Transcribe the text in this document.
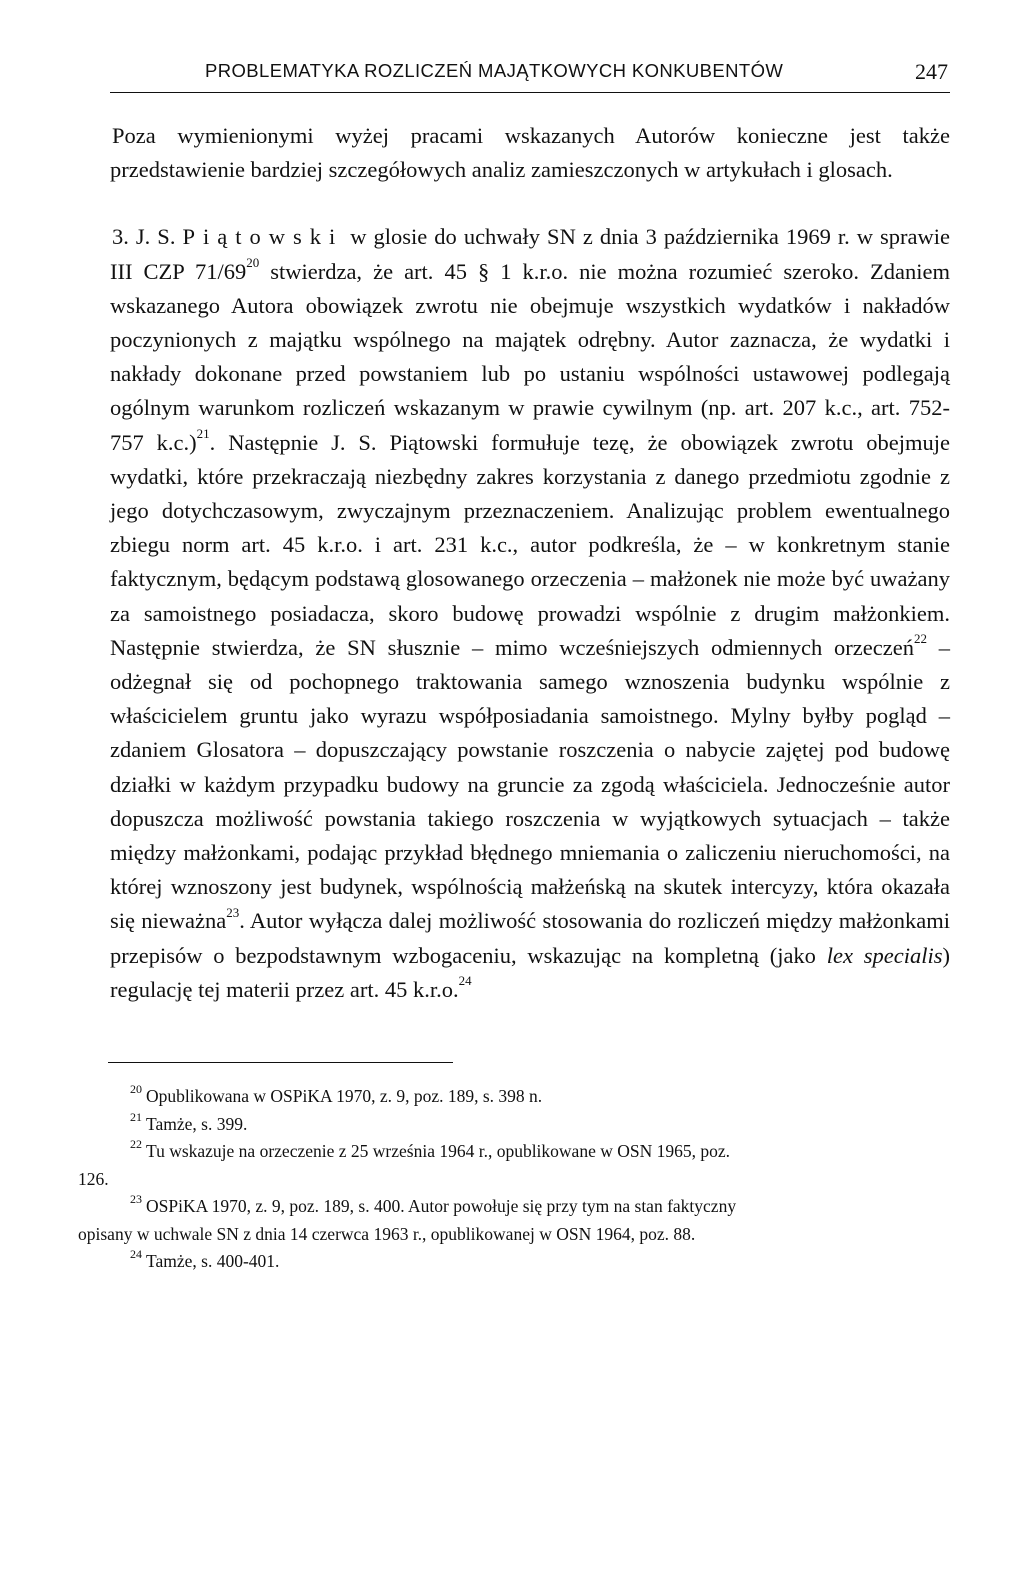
PROBLEMATYKA ROZLICZEŃ MAJĄTKOWYCH KONKUBENTÓW	247

Poza wymienionymi wyżej pracami wskazanych Autorów konieczne jest także przedstawienie bardziej szczegółowych analiz zamieszczonych w artykułach i glosach.

3. J. S. Piątowski w glosie do uchwały SN z dnia 3 października 1969 r. w sprawie III CZP $71/69^{20}$ stwierdza, że art. 45 § 1 k.r.o. nie można rozumieć szeroko. Zdaniem wskazanego Autora obowiązek zwrotu nie obejmuje wszystkich wydatków i nakładów poczynionych z majątku wspólnego na majątek odrębny. Autor zaznacza, że wydatki i nakłady dokonane przed powstaniem lub po ustaniu wspólności ustawowej podlegają ogólnym warunkom rozliczeń wskazanym w prawie cywilnym (np. art. 207 k.c., art. 752-757 k.c.)$^{21}$. Następnie J. S. Piątowski formułuje tezę, że obowiązek zwrotu obejmuje wydatki, które przekraczają niezbędny zakres korzystania z danego przedmiotu zgodnie z jego dotychczasowym, zwyczajnym przeznaczeniem. Analizując problem ewentualnego zbiegu norm art. 45 k.r.o. i art. 231 k.c., autor podkreśla, że – w konkretnym stanie faktycznym, będącym podstawą glosowanego orzeczenia – małżonek nie może być uważany za samoistnego posiadacza, skoro budowę prowadzi wspólnie z drugim małżonkiem. Następnie stwierdza, że SN słusznie – mimo wcześniejszych odmiennych orzeczeń$^{22}$ – odżegnał się od pochopnego traktowania samego wznoszenia budynku wspólnie z właścicielem gruntu jako wyrazu współposiadania samoistnego. Mylny byłby pogląd – zdaniem Glosatora – dopuszczający powstanie roszczenia o nabycie zajętej pod budowę działki w każdym przypadku budowy na gruncie za zgodą właściciela. Jednocześnie autor dopuszcza możliwość powstania takiego roszczenia w wyjątkowych sytuacjach – także między małżonkami, podając przykład błędnego mniemania o zaliczeniu nieruchomości, na której wznoszony jest budynek, wspólnością małżeńską na skutek intercyzy, która okazała się nieważna$^{23}$. Autor wyłącza dalej możliwość stosowania do rozliczeń między małżonkami przepisów o bezpodstawnym wzbogaceniu, wskazując na kompletną (jako lex specialis) regulację tej materii przez art. 45 k.r.o.$^{24}$

$^{20}$ Opublikowana w OSPiKA 1970, z. 9, poz. 189, s. 398 n.

$^{21}$ Tamże, s. 399.

$^{22}$ Tu wskazuje na orzeczenie z 25 września 1964 r., opublikowane w OSN 1965, poz.

126.

$^{23}$ OSPiKA 1970, z. 9, poz. 189, s. 400. Autor powołuje się przy tym na stan faktyczny

opisany w uchwale SN z dnia 14 czerwca 1963 r., opublikowanej w OSN 1964, poz. 88.

$^{24}$ Tamże, s. 400-401.
